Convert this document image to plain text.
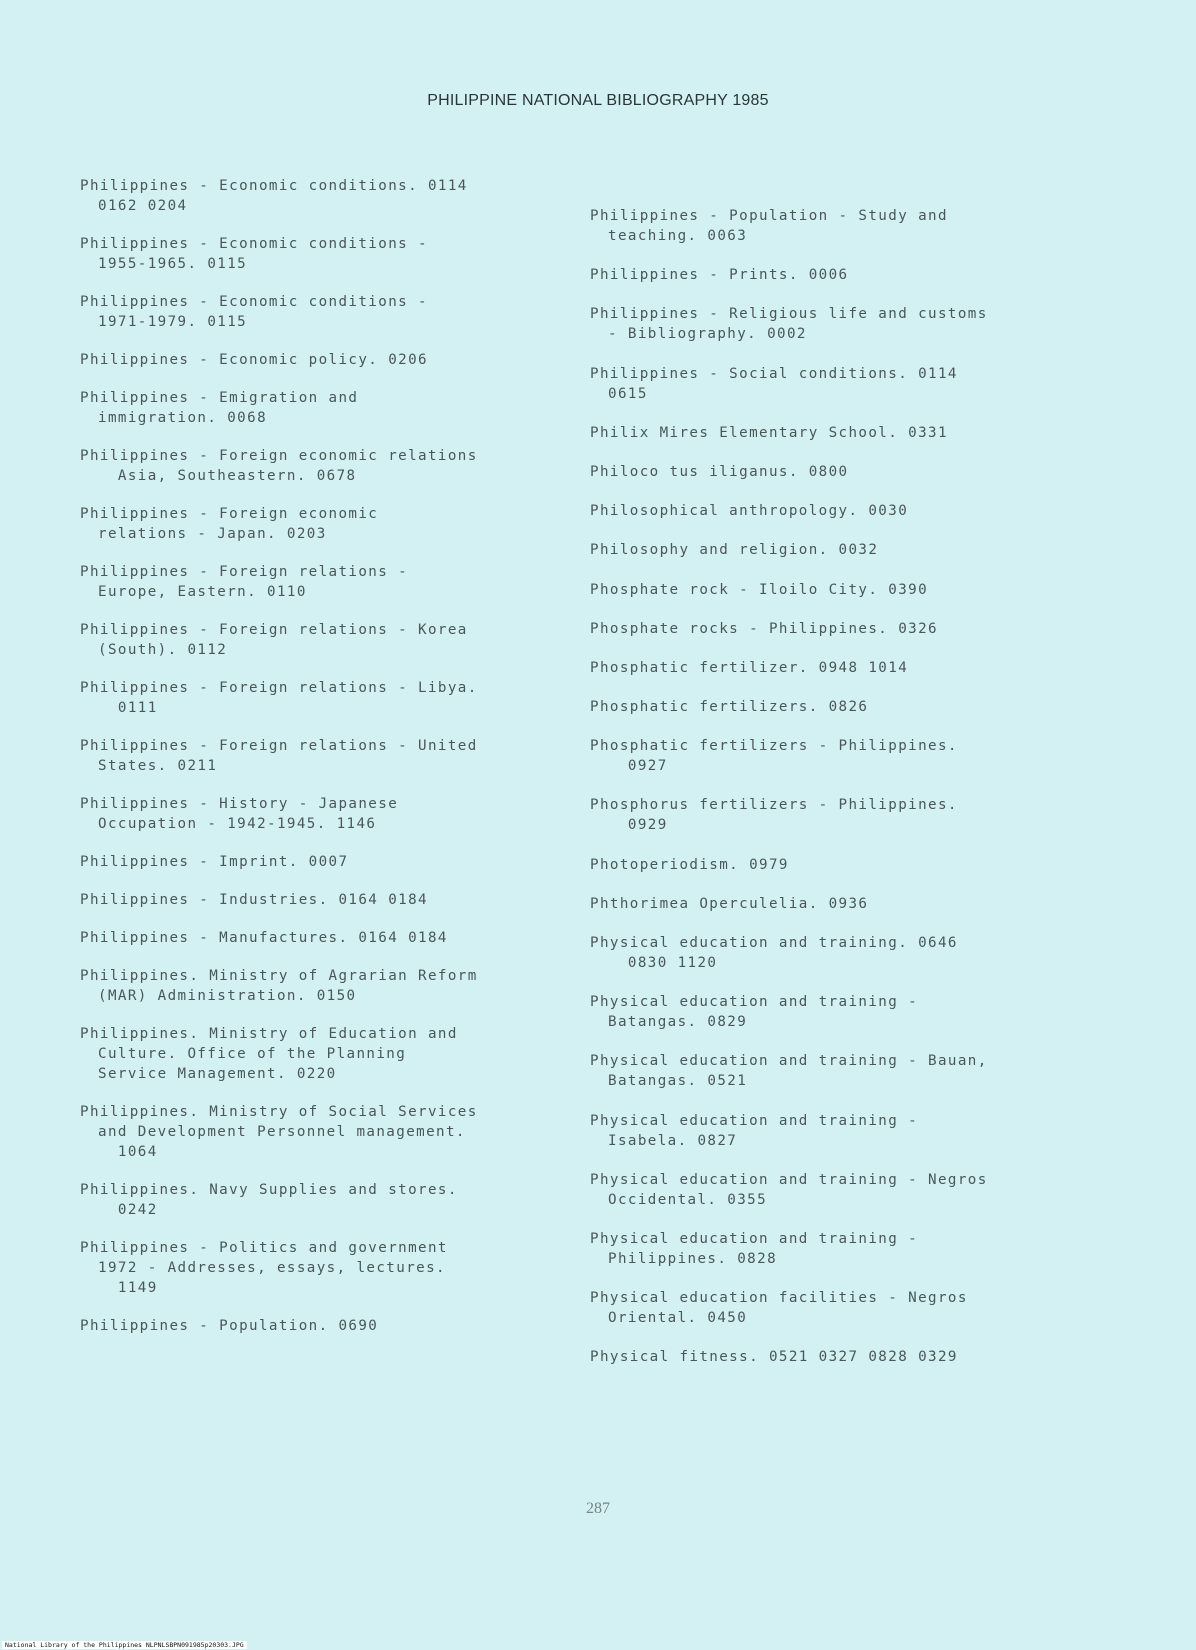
PHILIPPINE NATIONAL BIBLIOGRAPHY 1985
Philippines - Economic conditions. 0114
0162 0204
Philippines - Economic conditions -
1955-1965. 0115
Philippines - Economic conditions -
1971-1979. 0115
Philippines - Economic policy. 0206
Philippines - Emigration and
immigration. 0068
Philippines - Foreign economic relations
Asia, Southeastern. 0678
Philippines - Foreign economic
relations - Japan. 0203
Philippines - Foreign relations -
Europe, Eastern. 0110
Philippines - Foreign relations - Korea
(South). 0112
Philippines - Foreign relations - Libya.
0111
Philippines - Foreign relations - United
States. 0211
Philippines - History - Japanese
Occupation - 1942-1945. 1146
Philippines - Imprint. 0007
Philippines - Industries. 0164 0184
Philippines - Manufactures. 0164 0184
Philippines. Ministry of Agrarian Reform
(MAR) Administration. 0150
Philippines. Ministry of Education and
Culture. Office of the Planning
Service Management. 0220
Philippines. Ministry of Social Services
and Development Personnel management.
1064
Philippines. Navy Supplies and stores.
0242
Philippines - Politics and government
1972 - Addresses, essays, lectures.
1149
Philippines - Population. 0690
Philippines - Population - Study and
teaching. 0063
Philippines - Prints. 0006
Philippines - Religious life and customs
- Bibliography. 0002
Philippines - Social conditions. 0114
0615
Philix Mires Elementary School. 0331
Philoco tus iliganus. 0800
Philosophical anthropology. 0030
Philosophy and religion. 0032
Phosphate rock - Iloilo City. 0390
Phosphate rocks - Philippines. 0326
Phosphatic fertilizer. 0948 1014
Phosphatic fertilizers. 0826
Phosphatic fertilizers - Philippines.
0927
Phosphorus fertilizers - Philippines.
0929
Photoperiodism. 0979
Phthorimea Operculelia. 0936
Physical education and training. 0646
0830 1120
Physical education and training -
Batangas. 0829
Physical education and training - Bauan,
Batangas. 0521
Physical education and training -
Isabela. 0827
Physical education and training - Negros
Occidental. 0355
Physical education and training -
Philippines. 0828
Physical education facilities - Negros
Oriental. 0450
Physical fitness. 0521 0327 0828 0329
287
National Library of the Philippines NLPNLSBPN091985p20303.JPG
